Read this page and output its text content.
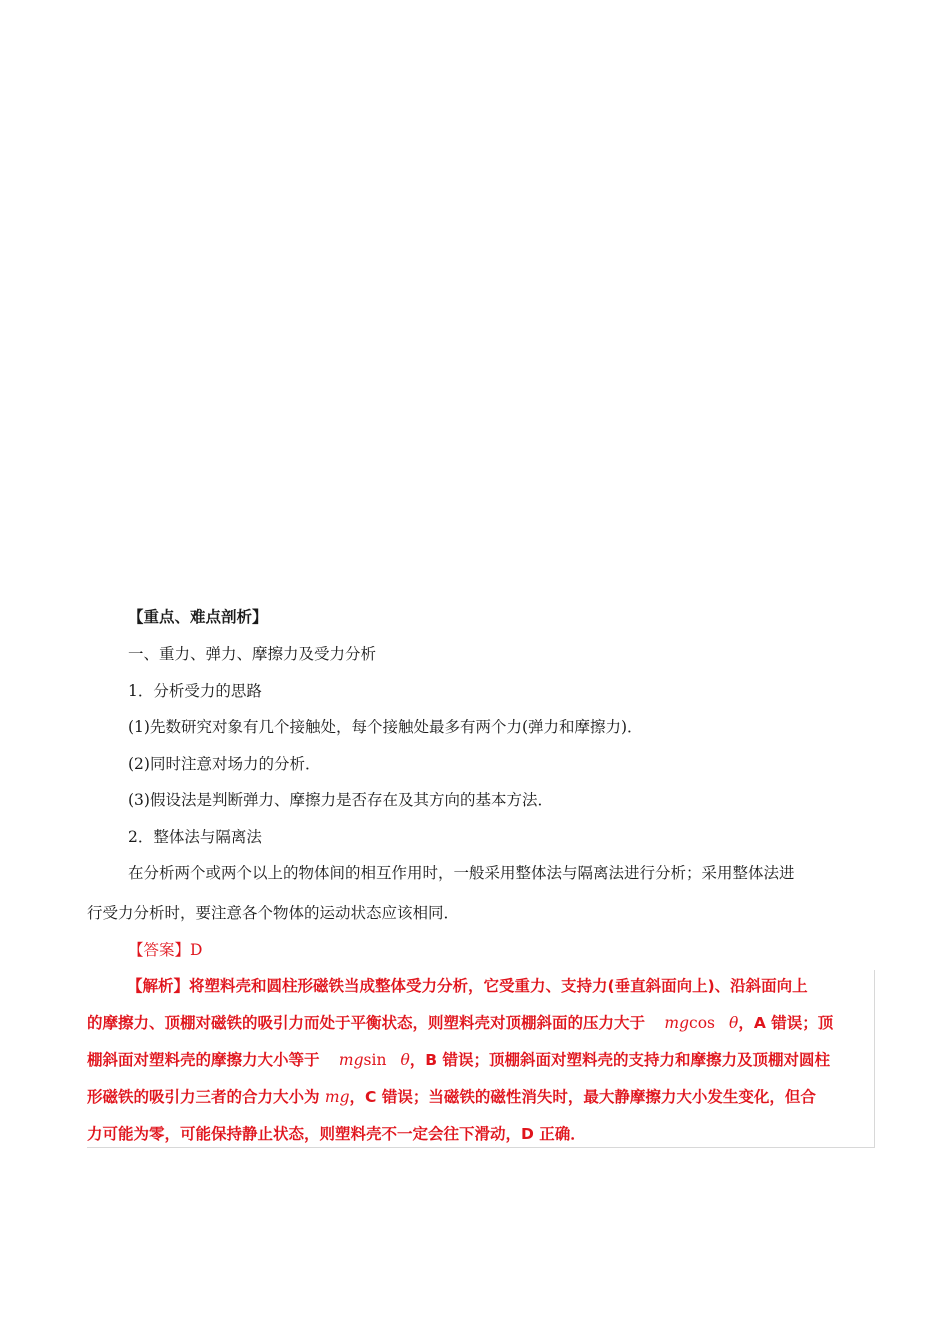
【重点、难点剖析】
一、重力、弹力、摩擦力及受力分析
1．分析受力的思路
(1)先数研究对象有几个接触处，每个接触处最多有两个力(弹力和摩擦力)．
(2)同时注意对场力的分析．
(3)假设法是判断弹力、摩擦力是否存在及其方向的基本方法．
2．整体法与隔离法
在分析两个或两个以上的物体间的相互作用时，一般采用整体法与隔离法进行分析；采用整体法进
行受力分析时，要注意各个物体的运动状态应该相同．
【答案】D
【解析】将塑料壳和圆柱形磁铁当成整体受力分析，它受重力、支持力(垂直斜面向上)、沿斜面向上
的摩擦力、顶棚对磁铁的吸引力而处于平衡状态，则塑料壳对顶棚斜面的压力大于 mgcos θ，A 错误；顶
棚斜面对塑料壳的摩擦力大小等于 mgsin θ，B 错误；顶棚斜面对塑料壳的支持力和摩擦力及顶棚对圆柱
形磁铁的吸引力三者的合力大小为 mg，C 错误；当磁铁的磁性消失时，最大静摩擦力大小发生变化，但合
力可能为零，可能保持静止状态，则塑料壳不一定会往下滑动，D 正确．
